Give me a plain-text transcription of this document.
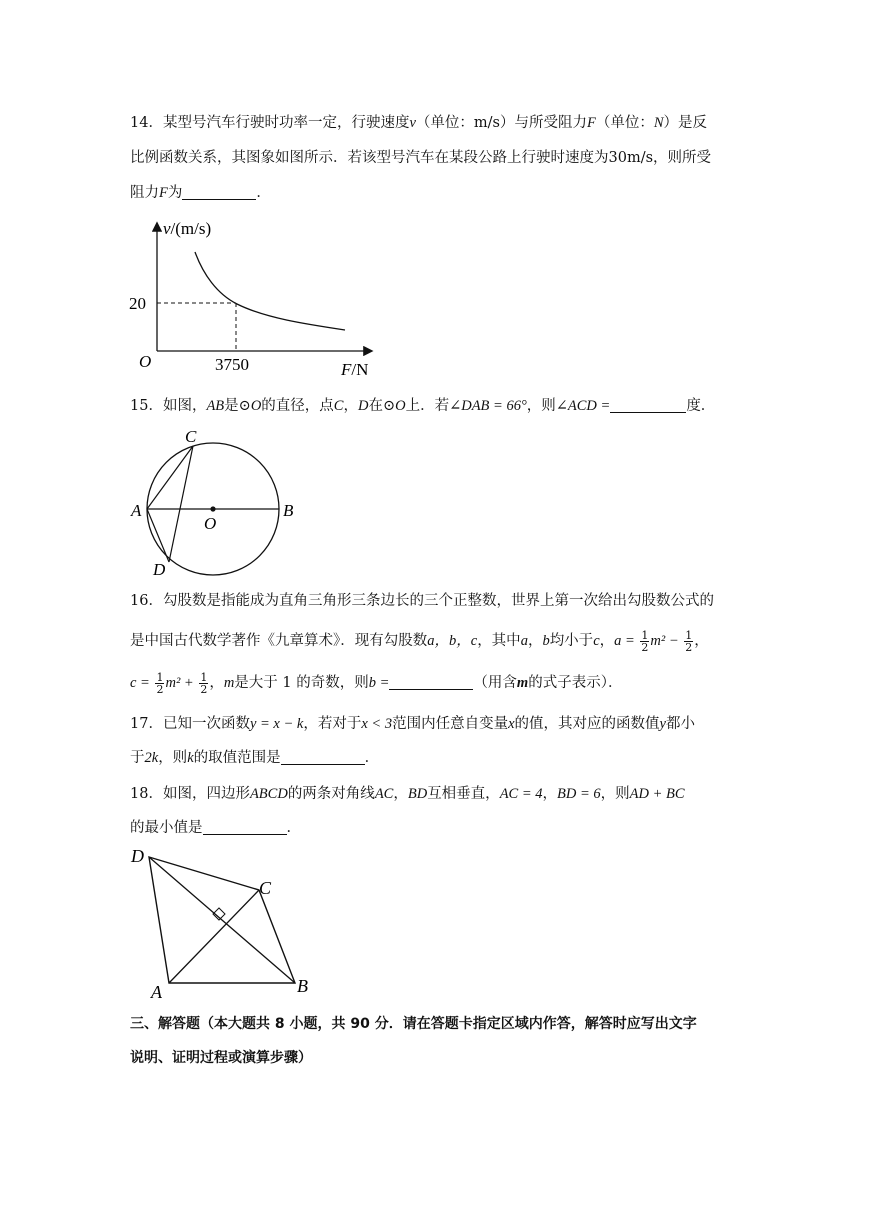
14．某型号汽车行驶时功率一定，行驶速度v（单位：m/s）与所受阻力F（单位：N）是反
比例函数关系，其图象如图所示．若该型号汽车在某段公路上行驶时速度为30m/s，则所受
阻力F为	．
v/(m/s)
20
O	3750	F/N
15．如图，AB是⊙O的直径，点C，D在⊙O上．若∠DAB = 66°，则∠ACD =	度．
A	B
C
D
O
16．勾股数是指能成为直角三角形三条边长的三个正整数，世界上第一次给出勾股数公式的
是中国古代数学著作《九章算术》．现有勾股数a，b，c，其中a，b均小于c，$a = \frac{1}{2} m^2 - \frac{1}{2}$ ，
$c = \frac{1}{2} m^2 + \frac{1}{2}$ ，m是大于 1 的奇数，则b =	（用含m的式子表示）．
17．已知一次函数y = x − k，若对于x < 3范围内任意自变量x的值，其对应的函数值y都小
于2k，则k的取值范围是	．
18．如图，四边形ABCD的两条对角线AC，BD互相垂直，AC = 4，BD = 6，则AD + BC
的最小值是	．
D
C
A	B
三、解答题（本大题共 8 小题，共 90 分．请在答题卡指定区域内作答，解答时应写出文字
说明、证明过程或演算步骤）
